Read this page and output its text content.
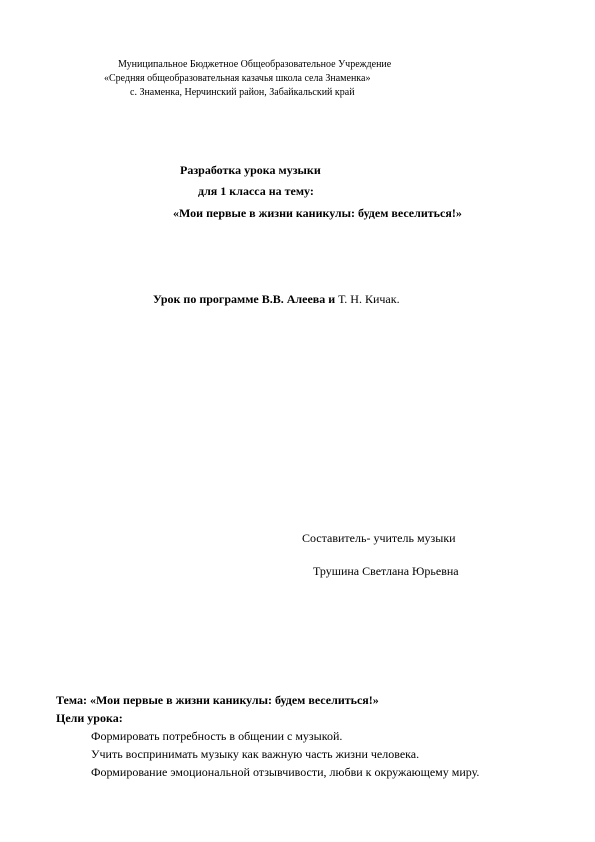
Муниципальное Бюджетное Общеобразовательное Учреждение
«Средняя общеобразовательная казачья школа села Знаменка»
с. Знаменка, Нерчинский район, Забайкальский край
Разработка урока музыки
для 1 класса на тему:
«Мои первые в жизни каникулы: будем веселиться!»
Урок по программе В.В. Алеева и Т. Н. Кичак.
Составитель- учитель музыки
Трушина Светлана Юрьевна
Тема: «Мои первые в жизни каникулы: будем веселиться!»
Цели урока:
Формировать потребность в общении с музыкой.
Учить воспринимать музыку как важную часть жизни человека.
Формирование эмоциональной отзывчивости, любви к окружающему миру.
